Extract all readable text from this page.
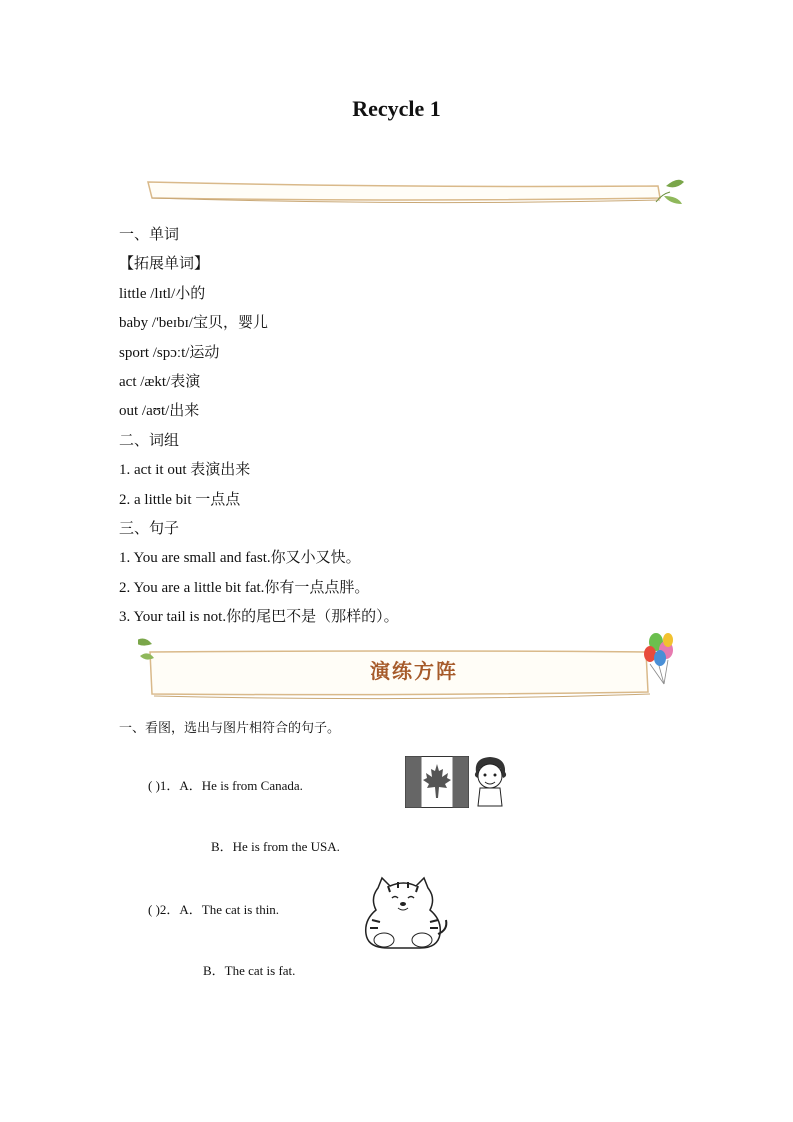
Recycle 1
一、单词
【拓展单词】
little /lɪtl/小的
baby /'beɪbɪ/宝贝，婴儿
sport /spɔːt/运动
act /ækt/表演
out /aʊt/出来
二、词组
1. act it out 表演出来
2. a little bit 一点点
三、句子
1. You are small and fast.你又小又快。
2. You are a little bit fat.你有一点点胖。
3. Your tail is not.你的尾巴不是（那样的）。
演练方阵
一、看图，选出与图片相符合的句子。
( )1．A．He is from Canada.
B．He is from the USA.
( )2．A．The cat is thin.
B．The cat is fat.
